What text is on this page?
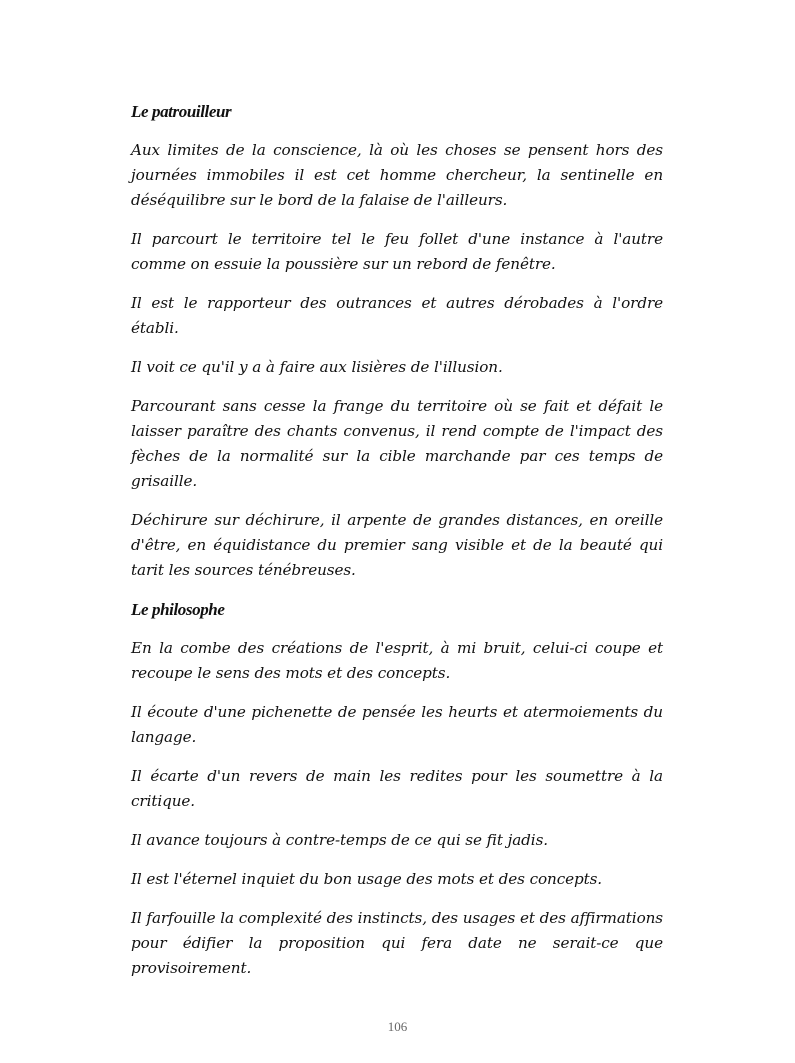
Le patrouilleur

Aux limites de la conscience, là où les choses se pensent hors des journées immobiles il est cet homme chercheur, la sentinelle en déséquilibre sur le bord de la falaise de l'ailleurs.

Il parcourt le territoire tel le feu follet d'une instance à l'autre comme on essuie la poussière sur un rebord de fenêtre.

Il est le rapporteur des outrances et autres dérobades à l'ordre établi.

Il voit ce qu'il y a à faire aux lisières de l'illusion.

Parcourant sans cesse la frange du territoire où se fait et défait le laisser paraître des chants convenus, il rend compte de l'impact des fèches de la normalité sur la cible marchande par ces temps de grisaille.

Déchirure sur déchirure, il arpente de grandes distances, en oreille d'être, en équidistance du premier sang visible et de la beauté qui tarit les sources ténébreuses.

Le philosophe

En la combe des créations de l'esprit, à mi bruit, celui-ci coupe et recoupe le sens des mots et des concepts.

Il écoute d'une pichenette de pensée les heurts et atermoiements du langage.

Il écarte d'un revers de main les redites pour les soumettre à la critique.

Il avance toujours à contre-temps de ce qui se fit jadis.

Il est l'éternel inquiet du bon usage des mots et des concepts.

Il farfouille la complexité des instincts, des usages et des affirmations pour édifier la proposition qui fera date ne serait-ce que provisoirement.

106
